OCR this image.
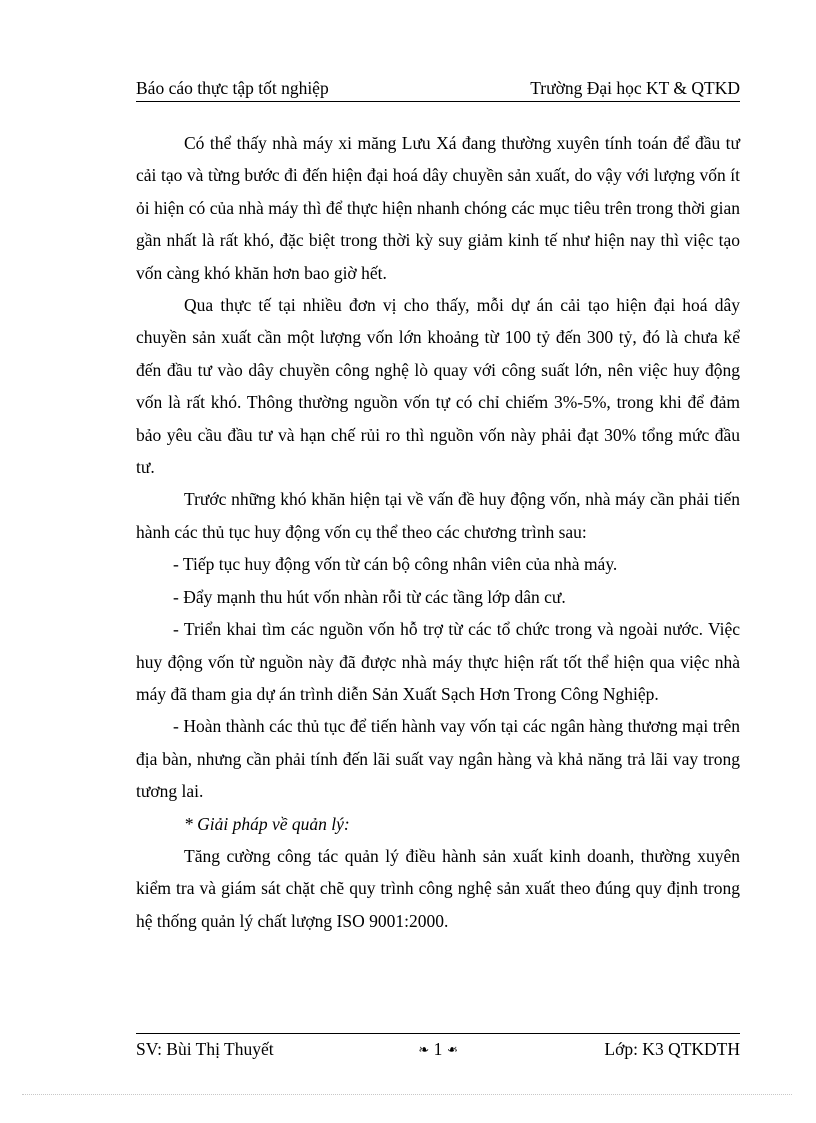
Báo cáo thực tập tốt nghiệp	Trường Đại học KT & QTKD

Có thể thấy nhà máy xi măng Lưu Xá đang thường xuyên tính toán để đầu tư cải tạo và từng bước đi đến hiện đại hoá dây chuyền sản xuất, do vậy với lượng vốn ít ỏi hiện có của nhà máy thì để thực hiện nhanh chóng các mục tiêu trên trong thời gian gần nhất là rất khó, đặc biệt trong thời kỳ suy giảm kinh tế như hiện nay thì việc tạo vốn càng khó khăn hơn bao giờ hết.

Qua thực tế tại nhiều đơn vị cho thấy, mỗi dự án cải tạo hiện đại hoá dây chuyền sản xuất cần một lượng vốn lớn khoảng từ 100 tỷ đến 300 tỷ, đó là chưa kể đến đầu tư vào dây chuyền công nghệ lò quay với công suất lớn, nên việc huy động vốn là rất khó. Thông thường nguồn vốn tự có chỉ chiếm 3%-5%, trong khi để đảm bảo yêu cầu đầu tư và hạn chế rủi ro thì nguồn vốn này phải đạt 30% tổng mức đầu tư.

Trước những khó khăn hiện tại về vấn đề huy động vốn, nhà máy cần phải tiến hành các thủ tục huy động vốn cụ thể theo các chương trình sau:

- Tiếp tục huy động vốn từ cán bộ công nhân viên của nhà máy.

- Đẩy mạnh thu hút vốn nhàn rỗi từ các tầng lớp dân cư.

- Triển khai tìm các nguồn vốn hỗ trợ từ các tổ chức trong và ngoài nước. Việc huy động vốn từ nguồn này đã được nhà máy thực hiện rất tốt thể hiện qua việc nhà máy đã tham gia dự án trình diễn Sản Xuất Sạch Hơn Trong Công Nghiệp.

- Hoàn thành các thủ tục để tiến hành vay vốn tại các ngân hàng thương mại trên địa bàn, nhưng cần phải tính đến lãi suất vay ngân hàng và khả năng trả lãi vay trong tương lai.

* Giải pháp về quản lý:

Tăng cường công tác quản lý điều hành sản xuất kinh doanh, thường xuyên kiểm tra và giám sát chặt chẽ quy trình công nghệ sản xuất theo đúng quy định trong hệ thống quản lý chất lượng ISO 9001:2000.

SV: Bùi Thị Thuyết	❧ 1 ❧	Lớp: K3 QTKDTH
